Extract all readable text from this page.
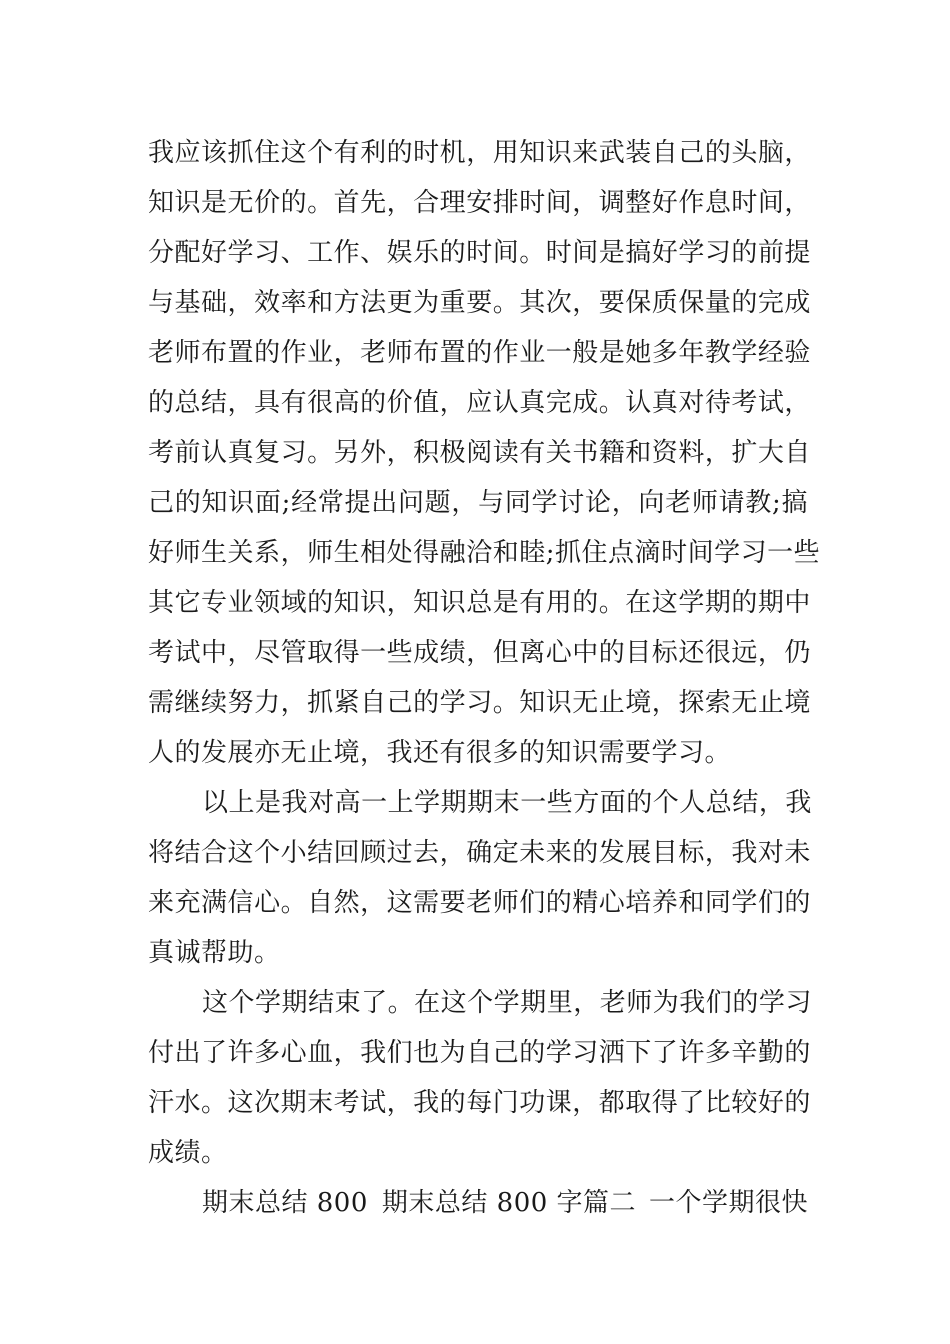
我 应 该 抓 住 这 个 有 利 的 时 机 ， 用 知 识 来 武 装 自 己 的 头 脑 ，
知 识 是 无 价 的 。 首 先 ， 合 理 安 排 时 间 ， 调 整 好 作 息 时 间 ，
分 配 好 学 习 、 工 作 、 娱 乐 的 时 间 。 时 间 是 搞 好 学 习 的 前 提
与 基 础 ， 效 率 和 方 法 更 为 重 要 。 其 次 ， 要 保 质 保 量 的 完 成
老 师 布 置 的 作 业 ， 老 师 布 置 的 作 业 一 般 是 她 多 年 教 学 经 验
的 总 结 ， 具 有 很 高 的 价 值 ， 应 认 真 完 成 。 认 真 对 待 考 试 ，
考 前 认 真 复 习 。 另 外 ， 积 极 阅 读 有 关 书 籍 和 资 料 ， 扩 大 自
己 的 知 识 面 ; 经 常 提 出 问 题 ， 与 同 学 讨 论 ， 向 老 师 请 教 ; 搞
好 师 生 关 系 ， 师 生 相 处 得 融 洽 和 睦 ; 抓 住 点 滴 时 间 学 习 一 些
其 它 专 业 领 域 的 知 识 ， 知 识 总 是 有 用 的 。 在 这 学 期 的 期 中
考 试 中 ， 尽 管 取 得 一 些 成 绩 ， 但 离 心 中 的 目 标 还 很 远 ， 仍
需 继 续 努 力 ， 抓 紧 自 己 的 学 习 。 知 识 无 止 境 ， 探 索 无 止 境
人的发展亦无止境，我还有很多的知识需要学习。
以 上 是 我 对 高 一 上 学 期 期 末 一 些 方 面 的 个 人 总 结 ， 我
将 结 合 这 个 小 结 回 顾 过 去 ， 确 定 未 来 的 发 展 目 标 ， 我 对 未
来 充 满 信 心 。 自 然 ， 这 需 要 老 师 们 的 精 心 培 养 和 同 学 们 的
真诚帮助。
这 个 学 期 结 束 了 。 在 这 个 学 期 里 ， 老 师 为 我 们 的 学 习
付 出 了 许 多 心 血 ， 我 们 也 为 自 己 的 学 习 洒 下 了 许 多 辛 勤 的
汗 水 。 这 次 期 末 考 试 ， 我 的 每 门 功 课 ， 都 取 得 了 比 较 好 的
成绩。
期末总结 800 期末总结 800 字篇二 一个学期很快
